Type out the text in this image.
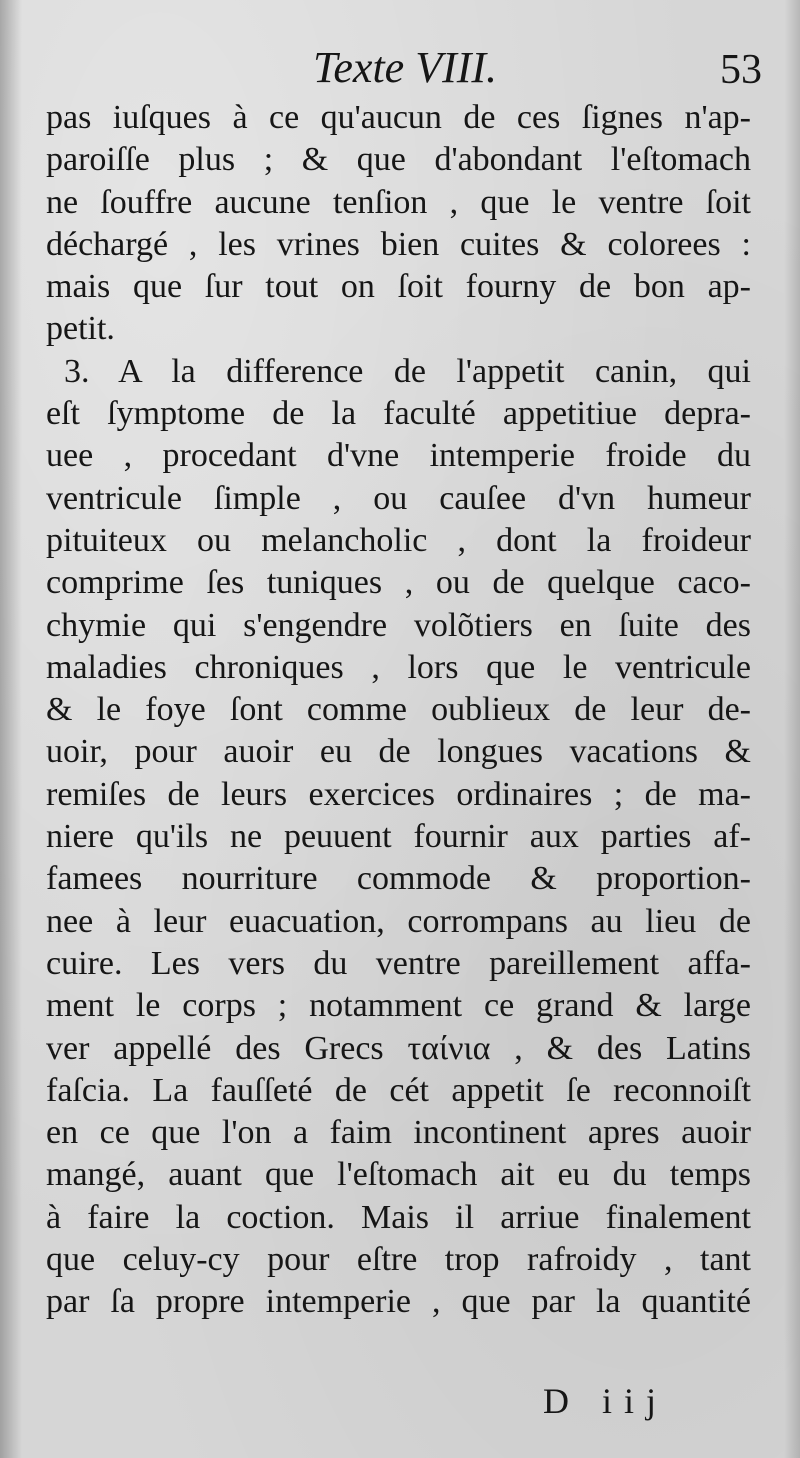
Texte VIII.	53
pas iuſques à ce qu'aucun de ces ſignes n'ap-
paroiſſe plus ; & que d'abondant l'eſtomach
ne ſouffre aucune tenſion , que le ventre ſoit
déchargé , les vrines bien cuites & colorees :
mais que ſur tout on ſoit fourny de bon ap-
petit.
3. A la difference de l'appetit canin, qui
eſt ſymptome de la faculté appetitiue depra-
uee , procedant d'vne intemperie froide du
ventricule ſimple , ou cauſee d'vn humeur
pituiteux ou melancholic , dont la froideur
comprime ſes tuniques , ou de quelque caco-
chymie qui s'engendre volõtiers en ſuite des
maladies chroniques , lors que le ventricule
& le foye ſont comme oublieux de leur de-
uoir, pour auoir eu de longues vacations &
remiſes de leurs exercices ordinaires ; de ma-
niere qu'ils ne peuuent fournir aux parties af-
famees nourriture commode & proportion-
nee à leur euacuation, corrompans au lieu de
cuire. Les vers du ventre pareillement affa-
ment le corps ; notamment ce grand & large
ver appellé des Grecs ταίνια , & des Latins
faſcia. La fauſſeté de cét appetit ſe reconnoiſt
en ce que l'on a faim incontinent apres auoir
mangé, auant que l'eſtomach ait eu du temps
à faire la coction. Mais il arriue finalement
que celuy-cy pour eſtre trop rafroidy , tant
par ſa propre intemperie , que par la quantité
D iij
